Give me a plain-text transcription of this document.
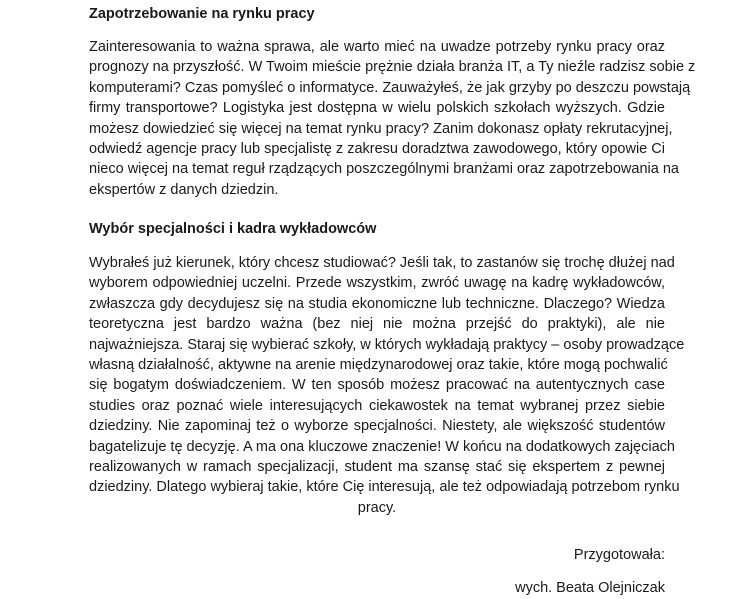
Zapotrzebowanie na rynku pracy

Zainteresowania to ważna sprawa, ale warto mieć na uwadze potrzeby rynku pracy oraz
prognozy na przyszłość. W Twoim mieście prężnie działa branża IT, a Ty nieźle radzisz sobie z
komputerami? Czas pomyśleć o informatyce. Zauważyłeś, że jak grzyby po deszczu powstają
firmy transportowe? Logistyka jest dostępna w wielu polskich szkołach wyższych. Gdzie
możesz dowiedzieć się więcej na temat rynku pracy? Zanim dokonasz opłaty rekrutacyjnej,
odwiedź agencje pracy lub specjalistę z zakresu doradztwa zawodowego, który opowie Ci
nieco więcej na temat reguł rządzących poszczególnymi branżami oraz zapotrzebowania na
ekspertów z danych dziedzin.

Wybór specjalności i kadra wykładowców

Wybrałeś już kierunek, który chcesz studiować? Jeśli tak, to zastanów się trochę dłużej nad
wyborem odpowiedniej uczelni. Przede wszystkim, zwróć uwagę na kadrę wykładowców,
zwłaszcza gdy decydujesz się na studia ekonomiczne lub techniczne. Dlaczego? Wiedza
teoretyczna jest bardzo ważna (bez niej nie można przejść do praktyki), ale nie
najważniejsza. Staraj się wybierać szkoły, w których wykładają praktycy – osoby prowadzące
własną działalność, aktywne na arenie międzynarodowej oraz takie, które mogą pochwalić
się bogatym doświadczeniem. W ten sposób możesz pracować na autentycznych case
studies oraz poznać wiele interesujących ciekawostek na temat wybranej przez siebie
dziedziny. Nie zapominaj też o wyborze specjalności. Niestety, ale większość studentów
bagatelizuje tę decyzję. A ma ona kluczowe znaczenie! W końcu na dodatkowych zajęciach
realizowanych w ramach specjalizacji, student ma szansę stać się ekspertem z pewnej
dziedziny. Dlatego wybieraj takie, które Cię interesują, ale też odpowiadają potrzebom rynku
pracy.

Przygotowała:

wych. Beata Olejniczak
